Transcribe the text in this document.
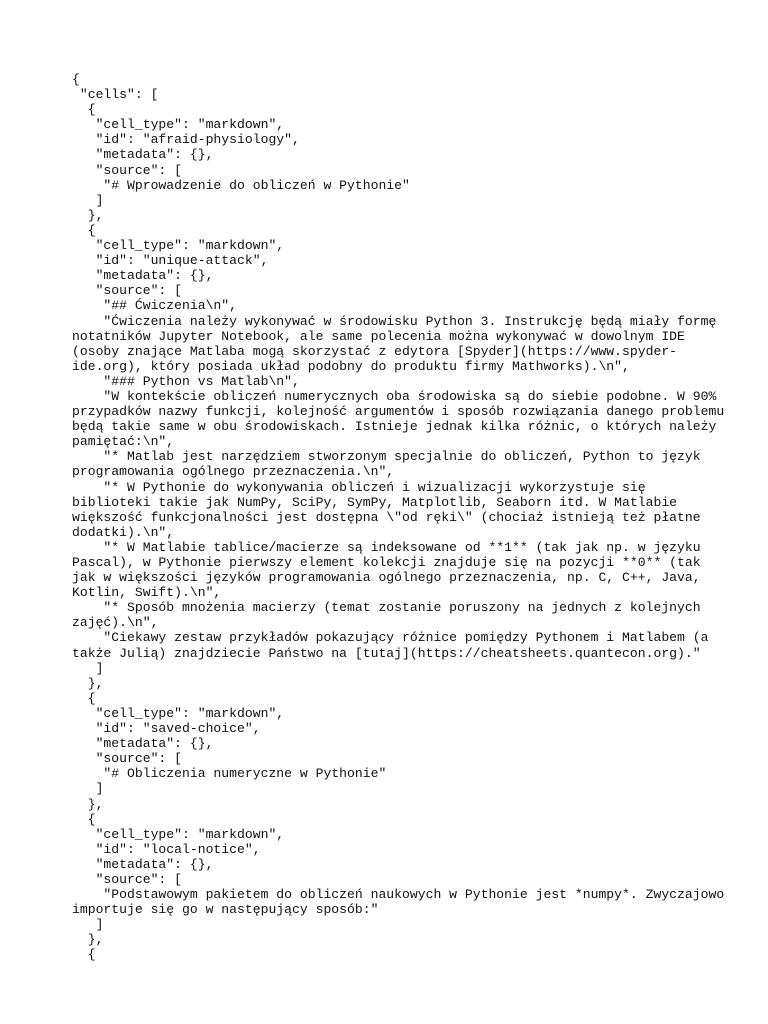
{
"cells": [
{
"cell_type": "markdown",
"id": "afraid-physiology",
"metadata": {},
"source": [
"# Wprowadzenie do obliczeń w Pythonie"
]
},
{
"cell_type": "markdown",
"id": "unique-attack",
"metadata": {},
"source": [
"## Ćwiczenia\n",
"Ćwiczenia należy wykonywać w środowisku Python 3. Instrukcję będą miały formę
notatników Jupyter Notebook, ale same polecenia można wykonywać w dowolnym IDE
(osoby znające Matlaba mogą skorzystać z edytora [Spyder](https://www.spyder-
ide.org), który posiada układ podobny do produktu firmy Mathworks).\n",
"### Python vs Matlab\n",
"W kontekście obliczeń numerycznych oba środowiska są do siebie podobne. W 90%
przypadków nazwy funkcji, kolejność argumentów i sposób rozwiązania danego problemu
będą takie same w obu środowiskach. Istnieje jednak kilka różnic, o których należy
pamiętać:\n",
"* Matlab jest narzędziem stworzonym specjalnie do obliczeń, Python to język
programowania ogólnego przeznaczenia.\n",
"* W Pythonie do wykonywania obliczeń i wizualizacji wykorzystuje się
biblioteki takie jak NumPy, SciPy, SymPy, Matplotlib, Seaborn itd. W Matlabie
większość funkcjonalności jest dostępna \"od ręki\" (chociaż istnieją też płatne
dodatki).\n",
"* W Matlabie tablice/macierze są indeksowane od **1** (tak jak np. w języku
Pascal), w Pythonie pierwszy element kolekcji znajduje się na pozycji **0** (tak
jak w większości języków programowania ogólnego przeznaczenia, np. C, C++, Java,
Kotlin, Swift).\n",
"* Sposób mnożenia macierzy (temat zostanie poruszony na jednych z kolejnych
zajęć).\n",
"Ciekawy zestaw przykładów pokazujący różnice pomiędzy Pythonem i Matlabem (a
także Julią) znajdziecie Państwo na [tutaj](https://cheatsheets.quantecon.org)."
]
},
{
"cell_type": "markdown",
"id": "saved-choice",
"metadata": {},
"source": [
"# Obliczenia numeryczne w Pythonie"
]
},
{
"cell_type": "markdown",
"id": "local-notice",
"metadata": {},
"source": [
"Podstawowym pakietem do obliczeń naukowych w Pythonie jest *numpy*. Zwyczajowo
importuje się go w następujący sposób:"
]
},
{
